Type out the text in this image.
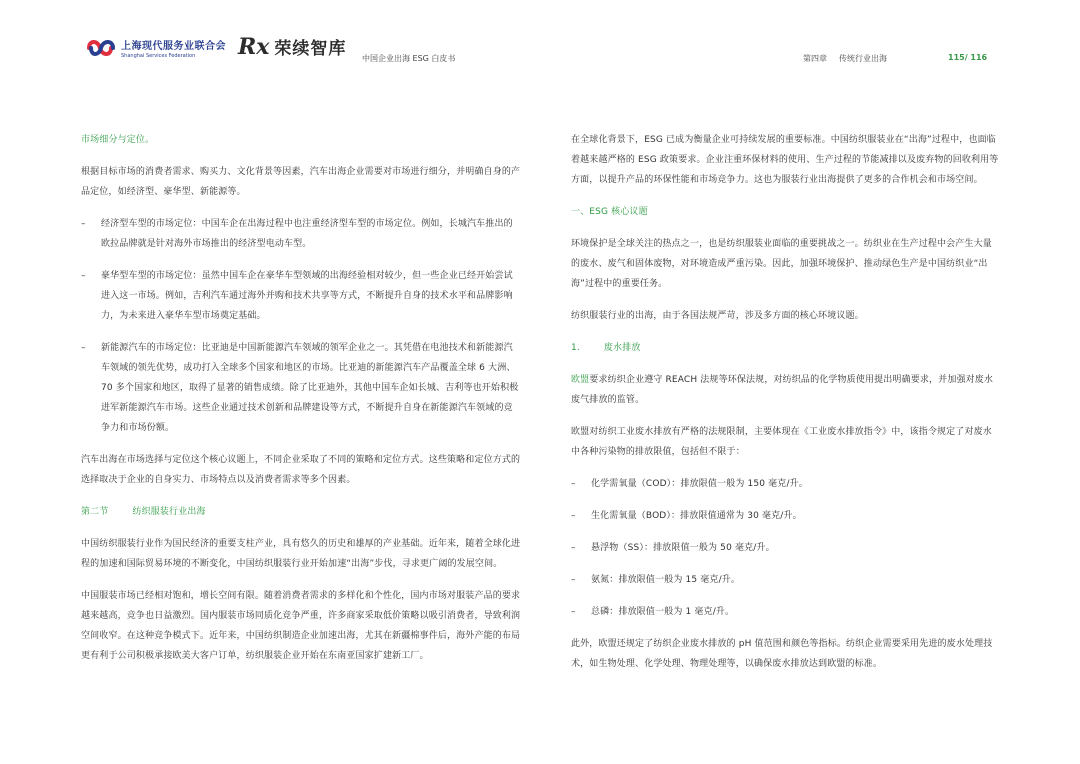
上海现代服务业联合会
Shanghai Services Federation	Rx 荣续智库 中国企业出海 ESG 白皮书	第四章 传统行业出海	115/ 116
市场细分与定位。

根据目标市场的消费者需求、购买力、文化背景等因素，汽车出海企业需要对市场进行细分，并明确自身的产品定位，如经济型、豪华型、新能源等。

– 经济型车型的市场定位：中国车企在出海过程中也注重经济型车型的市场定位。例如，长城汽车推出的欧拉品牌就是针对海外市场推出的经济型电动车型。
– 豪华型车型的市场定位：虽然中国车企在豪华车型领域的出海经验相对较少，但一些企业已经开始尝试进入这一市场。例如，吉利汽车通过海外并购和技术共享等方式，不断提升自身的技术水平和品牌影响力，为未来进入豪华车型市场奠定基础。
– 新能源汽车的市场定位：比亚迪是中国新能源汽车领域的领军企业之一。其凭借在电池技术和新能源汽车领域的领先优势，成功打入全球多个国家和地区的市场。比亚迪的新能源汽车产品覆盖全球 6 大洲、70 多个国家和地区，取得了显著的销售成绩。除了比亚迪外，其他中国车企如长城、吉利等也开始积极进军新能源汽车市场。这些企业通过技术创新和品牌建设等方式，不断提升自身在新能源汽车领域的竞争力和市场份额。

汽车出海在市场选择与定位这个核心议题上，不同企业采取了不同的策略和定位方式。这些策略和定位方式的选择取决于企业的自身实力、市场特点以及消费者需求等多个因素。

第二节	纺织服装行业出海

中国纺织服装行业作为国民经济的重要支柱产业，具有悠久的历史和雄厚的产业基础。近年来，随着全球化进程的加速和国际贸易环境的不断变化，中国纺织服装行业开始加速“出海”步伐，寻求更广阔的发展空间。

中国服装市场已经相对饱和，增长空间有限。随着消费者需求的多样化和个性化，国内市场对服装产品的要求越来越高，竞争也日益激烈。国内服装市场同质化竞争严重，许多商家采取低价策略以吸引消费者，导致利润空间收窄。在这种竞争模式下。近年来，中国纺织制造企业加速出海，尤其在新疆棉事件后，海外产能的布局更有利于公司积极承接欧美大客户订单，纺织服装企业开始在东南亚国家扩建新工厂。

在全球化背景下，ESG 已成为衡量企业可持续发展的重要标准。中国纺织服装业在“出海”过程中，也面临着越来越严格的 ESG 政策要求。企业注重环保材料的使用、生产过程的节能减排以及废弃物的回收利用等方面，以提升产品的环保性能和市场竞争力。这也为服装行业出海提供了更多的合作机会和市场空间。

一、ESG 核心议题

环境保护是全球关注的热点之一，也是纺织服装业面临的重要挑战之一。纺织业在生产过程中会产生大量的废水、废气和固体废物，对环境造成严重污染。因此，加强环境保护、推动绿色生产是中国纺织业“出海”过程中的重要任务。

纺织服装行业的出海，由于各国法规严苛，涉及多方面的核心环境议题。

1.	废水排放

欧盟要求纺织企业遵守 REACH 法规等环保法规，对纺织品的化学物质使用提出明确要求，并加强对废水废气排放的监管。

欧盟对纺织工业废水排放有严格的法规限制，主要体现在《工业废水排放指令》中，该指令规定了对废水中各种污染物的排放限值，包括但不限于：

– 化学需氧量（COD）：排放限值一般为 150 毫克/升。
– 生化需氧量（BOD）：排放限值通常为 30 毫克/升。
– 悬浮物（SS）：排放限值一般为 50 毫克/升。
– 氨氮：排放限值一般为 15 毫克/升。
– 总磷：排放限值一般为 1 毫克/升。

此外，欧盟还规定了纺织企业废水排放的 pH 值范围和颜色等指标。纺织企业需要采用先进的废水处理技术，如生物处理、化学处理、物理处理等，以确保废水排放达到欧盟的标准。
